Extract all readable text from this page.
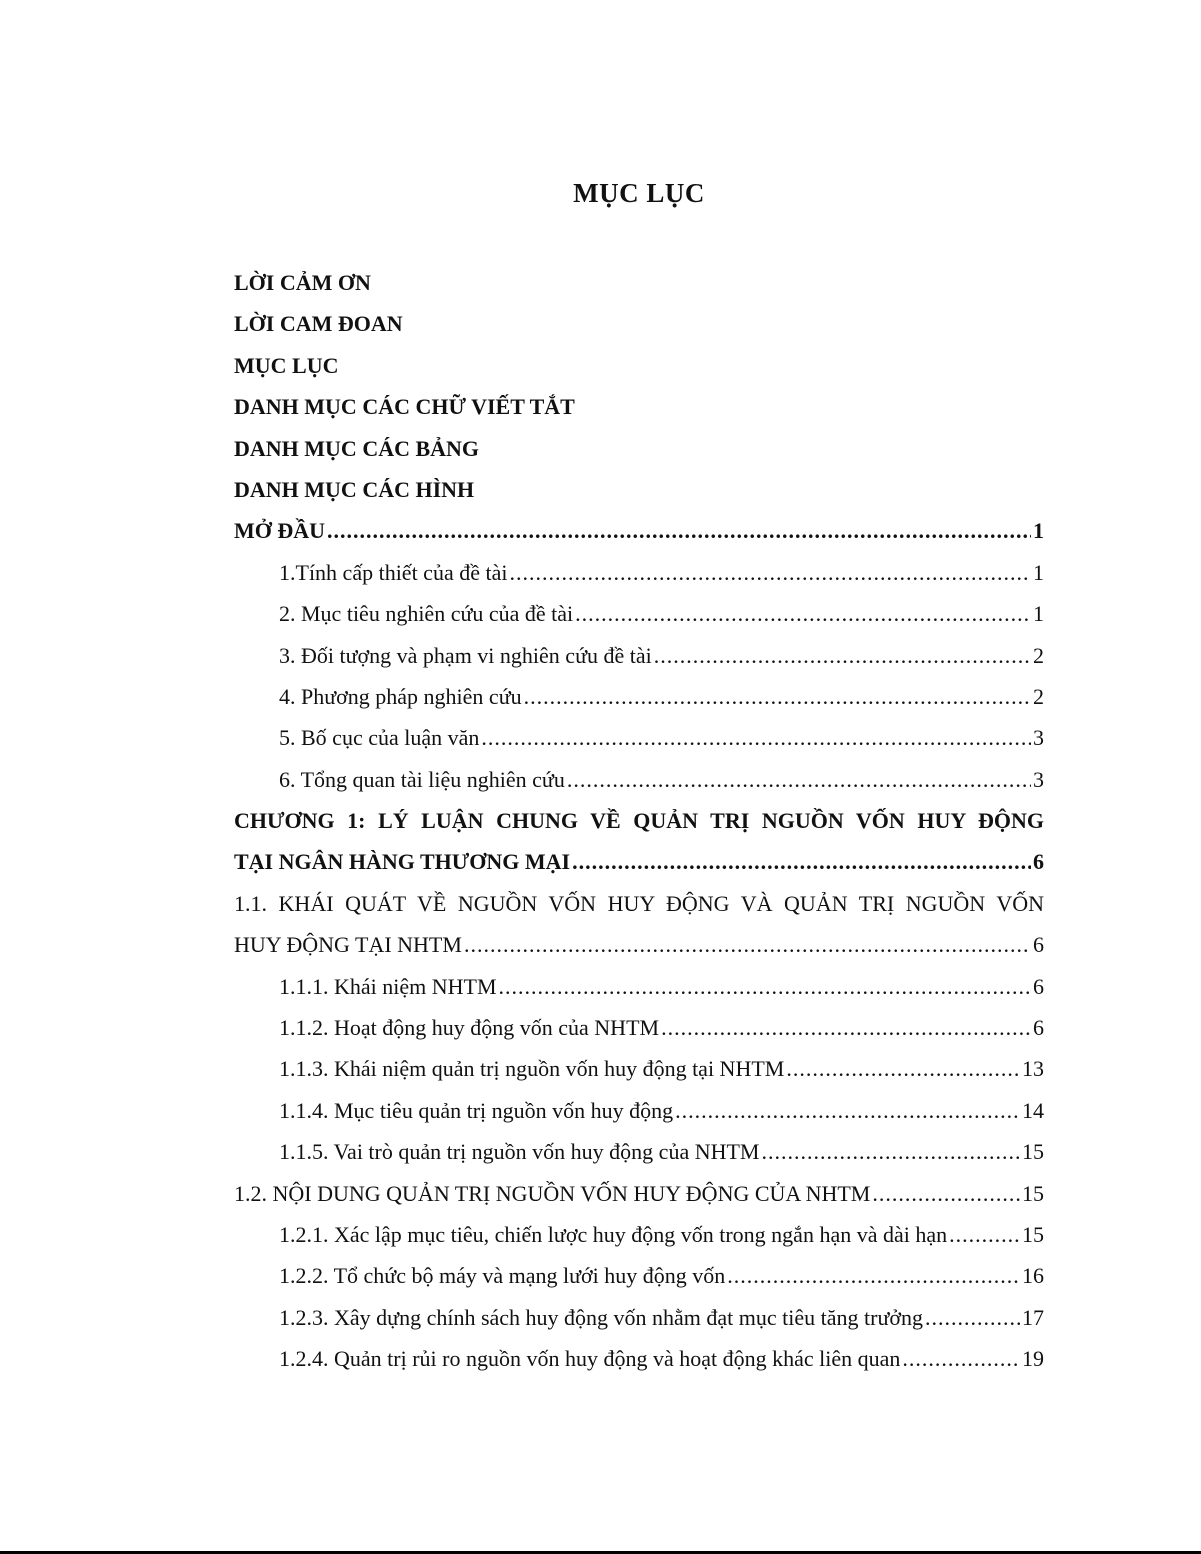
MỤC LỤC
LỜI CẢM ƠN
LỜI CAM ĐOAN
MỤC LỤC
DANH MỤC CÁC CHỮ VIẾT TẮT
DANH MỤC CÁC BẢNG
DANH MỤC CÁC HÌNH
MỞ ĐẦU .....	1
1.Tính cấp thiết của đề tài .....	1
2. Mục tiêu nghiên cứu của đề tài .....	1
3. Đối tượng và phạm vi nghiên cứu đề tài .....	2
4. Phương pháp nghiên cứu .....	2
5. Bố cục của luận văn .....	3
6. Tổng quan tài liệu nghiên cứu .....	3
CHƯƠNG 1: LÝ LUẬN CHUNG VỀ QUẢN TRỊ NGUỒN VỐN HUY ĐỘNG
TẠI NGÂN HÀNG THƯƠNG MẠI .....	6
1.1. KHÁI QUÁT VỀ NGUỒN VỐN HUY ĐỘNG VÀ QUẢN TRỊ NGUỒN VỐN
HUY ĐỘNG TẠI NHTM .....	6
1.1.1. Khái niệm NHTM .....	6
1.1.2. Hoạt động huy động vốn của NHTM .....	6
1.1.3. Khái niệm quản trị nguồn vốn huy động tại NHTM .....	13
1.1.4. Mục tiêu quản trị nguồn vốn huy động .....	14
1.1.5. Vai trò quản trị nguồn vốn huy động của NHTM .....	15
1.2. NỘI DUNG QUẢN TRỊ NGUỒN VỐN HUY ĐỘNG CỦA NHTM .....	15
1.2.1. Xác lập mục tiêu, chiến lược huy động vốn trong ngắn hạn và dài hạn .....	15
1.2.2. Tổ chức bộ máy và mạng lưới huy động vốn .....	16
1.2.3. Xây dựng chính sách huy động vốn nhằm đạt mục tiêu tăng trưởng .....	17
1.2.4. Quản trị rủi ro nguồn vốn huy động và hoạt động khác liên quan .....	19
